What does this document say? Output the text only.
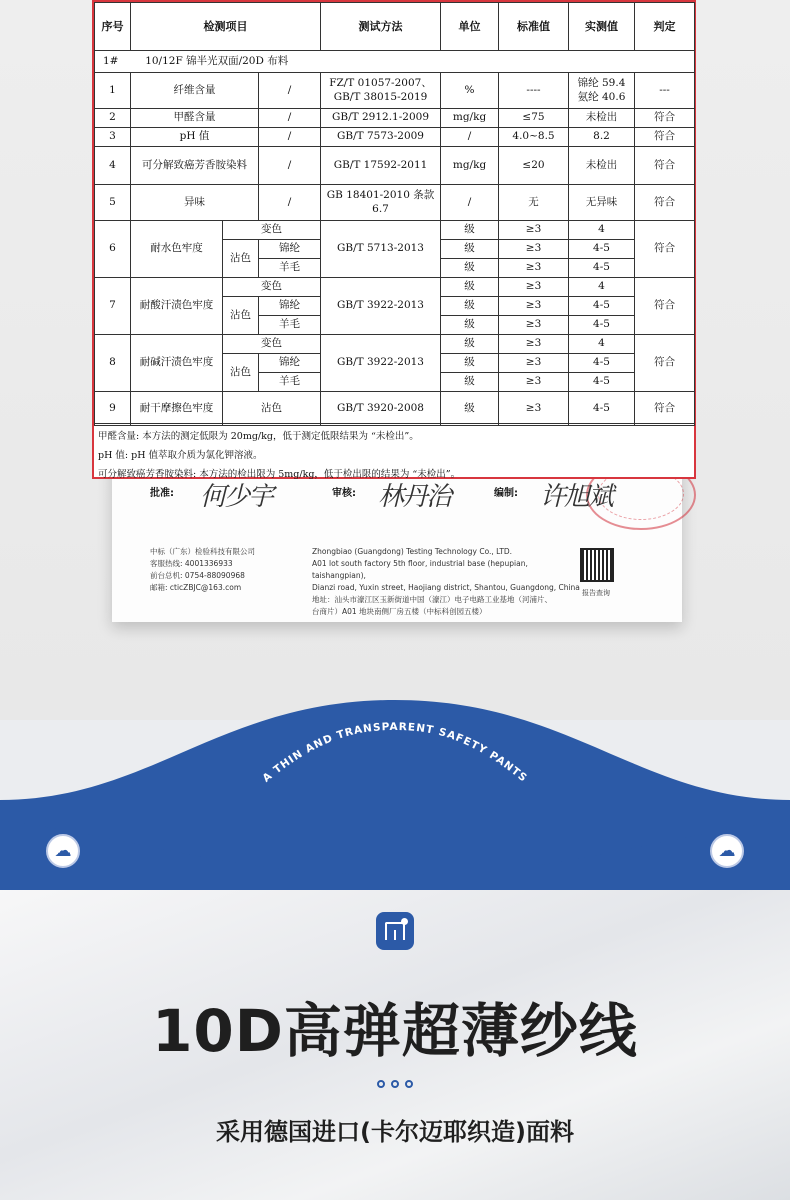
序号	检测项目			测试方法	单位	标准值	实测值	判定
1# 10/12F 锦半光双面/20D 布料								
1	纤维含量		/	FZ/T 01057-2007、GB/T 38015-2019	%	----	锦纶 59.4 氨纶 40.6	---
2	甲醛含量		/	GB/T 2912.1-2009	mg/kg	≤75	未检出	符合
3	pH 值		/	GB/T 7573-2009	/	4.0~8.5	8.2	符合
4	可分解致癌芳香胺染料		/	GB/T 17592-2011	mg/kg	≤20	未检出	符合
5	异味		/	GB 18401-2010 条款 6.7	/	无	无异味	符合
6	耐水色牢度	变色		GB/T 5713-2013	级	≥3	4	符合
		沾色	锦纶		级	≥3	4-5	
			羊毛		级	≥3	4-5	
7	耐酸汗渍色牢度	变色		GB/T 3922-2013	级	≥3	4	符合
		沾色	锦纶		级	≥3	4-5	
			羊毛		级	≥3	4-5	
8	耐碱汗渍色牢度	变色		GB/T 3922-2013	级	≥3	4	符合
		沾色	锦纶		级	≥3	4-5	
			羊毛		级	≥3	4-5	
9	耐干摩擦色牢度	沾色		GB/T 3920-2008	级	≥3	4-5	符合
甲醛含量: 本方法的测定低限为 20mg/kg，低于测定低限结果为 “未检出”。
pH 值: pH 值萃取介质为氯化钾溶液。
可分解致癌芳香胺染料: 本方法的检出限为 5mg/kg，低于检出限的结果为 “未检出”。
批准: 何少宇	审核: 林丹治	编制: 许旭斌
中标（广东）检验科技有限公司
客服热线: 4001336933
前台总机: 0754-88090968
邮箱: cticZBJC@163.com
Zhongbiao (Guangdong) Testing Technology Co., LTD.
A01 lot south factory 5th floor, industrial base (hepupian, taishangpian),
Dianzi road, Yuxin street, Haojiang district, Shantou, Guangdong, China
地址：汕头市濠江区玉新街道中国（濠江）电子电路工业基地（河浦片、
台商片）A01 地块南侧厂房五楼（中标科创园五楼）
报告查询
A THIN AND TRANSPARENT SAFETY PANTS
☁	☁
10D高弹超薄纱线
采用德国进口(卡尔迈耶织造)面料
